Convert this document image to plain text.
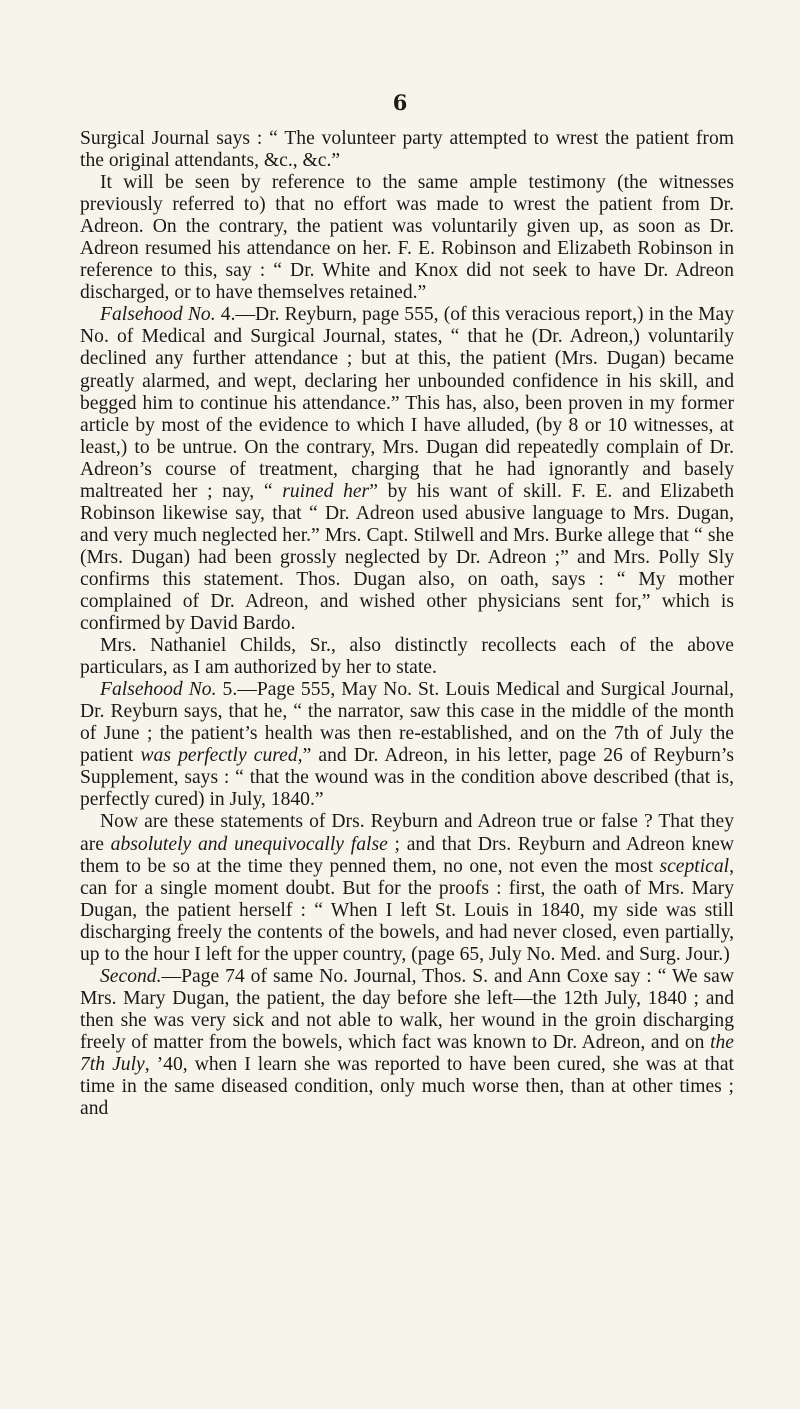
6

Surgical Journal says : “ The volunteer party attempted to wrest the patient from the original attendants, &c., &c.”

It will be seen by reference to the same ample testimony (the witnesses previously referred to) that no effort was made to wrest the patient from Dr. Adreon. On the contrary, the patient was voluntarily given up, as soon as Dr. Adreon resumed his attendance on her. F. E. Robinson and Elizabeth Robinson in reference to this, say : “ Dr. White and Knox did not seek to have Dr. Adreon discharged, or to have themselves retained.”

Falsehood No. 4.—Dr. Reyburn, page 555, (of this veracious report,) in the May No. of Medical and Surgical Journal, states, “ that he (Dr. Adreon,) voluntarily declined any further attendance ; but at this, the patient (Mrs. Dugan) became greatly alarmed, and wept, declaring her unbounded confidence in his skill, and begged him to continue his attendance.” This has, also, been proven in my former article by most of the evidence to which I have alluded, (by 8 or 10 witnesses, at least,) to be untrue. On the contrary, Mrs. Dugan did repeatedly complain of Dr. Adreon’s course of treatment, charging that he had ignorantly and basely maltreated her ; nay, “ ruined her” by his want of skill. F. E. and Elizabeth Robinson likewise say, that “ Dr. Adreon used abusive language to Mrs. Dugan, and very much neglected her.” Mrs. Capt. Stilwell and Mrs. Burke allege that “ she (Mrs. Dugan) had been grossly neglected by Dr. Adreon ;” and Mrs. Polly Sly confirms this statement. Thos. Dugan also, on oath, says : “ My mother complained of Dr. Adreon, and wished other physicians sent for,” which is confirmed by David Bardo.

Mrs. Nathaniel Childs, Sr., also distinctly recollects each of the above particulars, as I am authorized by her to state.

Falsehood No. 5.—Page 555, May No. St. Louis Medical and Surgical Journal, Dr. Reyburn says, that he, “ the narrator, saw this case in the middle of the month of June ; the patient’s health was then re-established, and on the 7th of July the patient was perfectly cured,” and Dr. Adreon, in his letter, page 26 of Reyburn’s Supplement, says : “ that the wound was in the condition above described (that is, perfectly cured) in July, 1840.”

Now are these statements of Drs. Reyburn and Adreon true or false ? That they are absolutely and unequivocally false ; and that Drs. Reyburn and Adreon knew them to be so at the time they penned them, no one, not even the most sceptical, can for a single moment doubt. But for the proofs : first, the oath of Mrs. Mary Dugan, the patient herself : “ When I left St. Louis in 1840, my side was still discharging freely the contents of the bowels, and had never closed, even partially, up to the hour I left for the upper country, (page 65, July No. Med. and Surg. Jour.)

Second.—Page 74 of same No. Journal, Thos. S. and Ann Coxe say : “ We saw Mrs. Mary Dugan, the patient, the day before she left—the 12th July, 1840 ; and then she was very sick and not able to walk, her wound in the groin discharging freely of matter from the bowels, which fact was known to Dr. Adreon, and on the 7th July, ’40, when I learn she was reported to have been cured, she was at that time in the same diseased condition, only much worse then, than at other times ; and
